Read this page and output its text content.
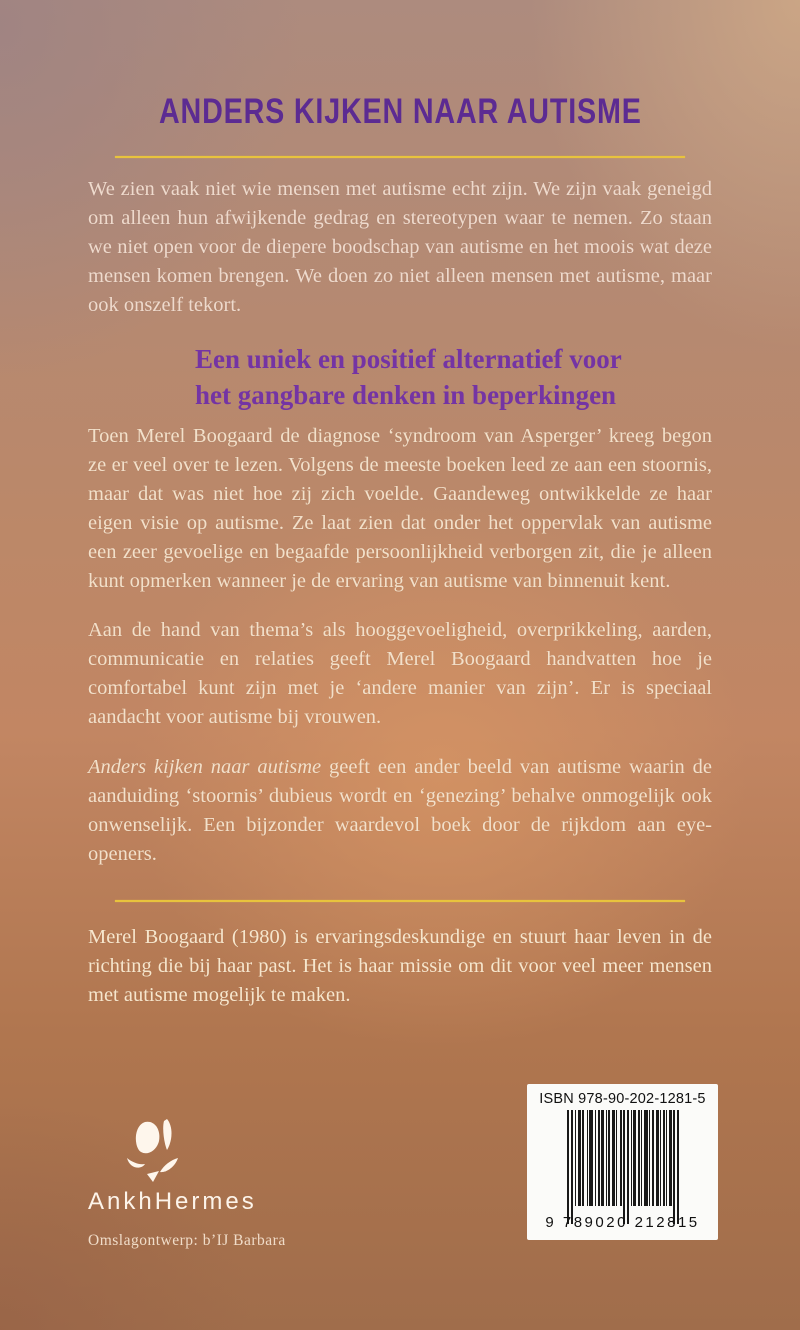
ANDERS KIJKEN NAAR AUTISME

We zien vaak niet wie mensen met autisme echt zijn. We zijn vaak geneigd om alleen hun afwijkende gedrag en stereotypen waar te nemen. Zo staan we niet open voor de diepere boodschap van autisme en het moois wat deze mensen komen brengen. We doen zo niet alleen mensen met autisme, maar ook onszelf tekort.

Een uniek en positief alternatief voor
het gangbare denken in beperkingen

Toen Merel Boogaard de diagnose ‘syndroom van Asperger’ kreeg begon ze er veel over te lezen. Volgens de meeste boeken leed ze aan een stoornis, maar dat was niet hoe zij zich voelde. Gaandeweg ontwikkelde ze haar eigen visie op autisme. Ze laat zien dat onder het oppervlak van autisme een zeer gevoelige en begaafde persoonlijkheid verborgen zit, die je alleen kunt opmerken wanneer je de ervaring van autisme van binnenuit kent.

Aan de hand van thema’s als hooggevoeligheid, overprikkeling, aarden, communicatie en relaties geeft Merel Boogaard handvatten hoe je comfortabel kunt zijn met je ‘andere manier van zijn’. Er is speciaal aandacht voor autisme bij vrouwen.

Anders kijken naar autisme geeft een ander beeld van autisme waarin de aanduiding ‘stoornis’ dubieus wordt en ‘genezing’ behalve onmogelijk ook onwenselijk. Een bijzonder waardevol boek door de rijkdom aan eye-openers.

Merel Boogaard (1980) is ervaringsdeskundige en stuurt haar leven in de richting die bij haar past. Het is haar missie om dit voor veel meer mensen met autisme mogelijk te maken.

AnkhHermes
Omslagontwerp: b’IJ Barbara
ISBN 978-90-202-1281-5
9 789020 212815
